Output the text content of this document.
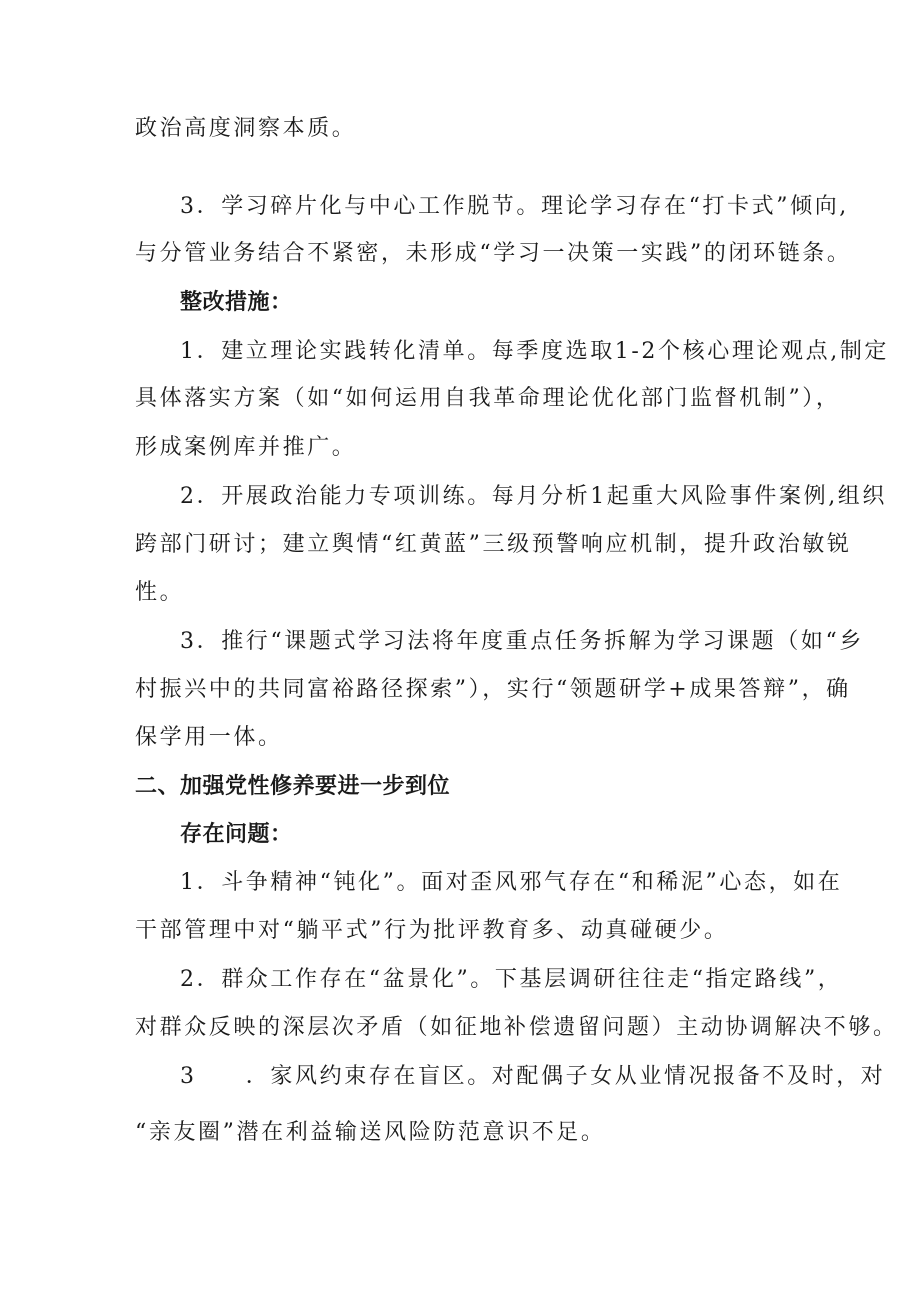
政治高度洞察本质。
3．学习碎片化与中心工作脱节。理论学习存在“打卡式”倾向,
与分管业务结合不紧密，未形成“学习一决策一实践”的闭环链条。
整改措施：
1．建立理论实践转化清单。每季度选取1-2个核心理论观点,制定
具体落实方案（如“如何运用自我革命理论优化部门监督机制”），
形成案例库并推广。
2．开展政治能力专项训练。每月分析1起重大风险事件案例,组织
跨部门研讨；建立舆情“红黄蓝”三级预警响应机制，提升政治敏锐
性。
3．推行“课题式学习法将年度重点任务拆解为学习课题（如“乡
村振兴中的共同富裕路径探索”），实行“领题研学+成果答辩”，确
保学用一体。
二、加强党性修养要进一步到位
存在问题：
1．斗争精神“钝化”。面对歪风邪气存在“和稀泥”心态，如在
干部管理中对“躺平式”行为批评教育多、动真碰硬少。
2．群众工作存在“盆景化”。下基层调研往往走“指定路线”，
对群众反映的深层次矛盾（如征地补偿遗留问题）主动协调解决不够。
3　　．家风约束存在盲区。对配偶子女从业情况报备不及时，对
“亲友圈”潜在利益输送风险防范意识不足。
